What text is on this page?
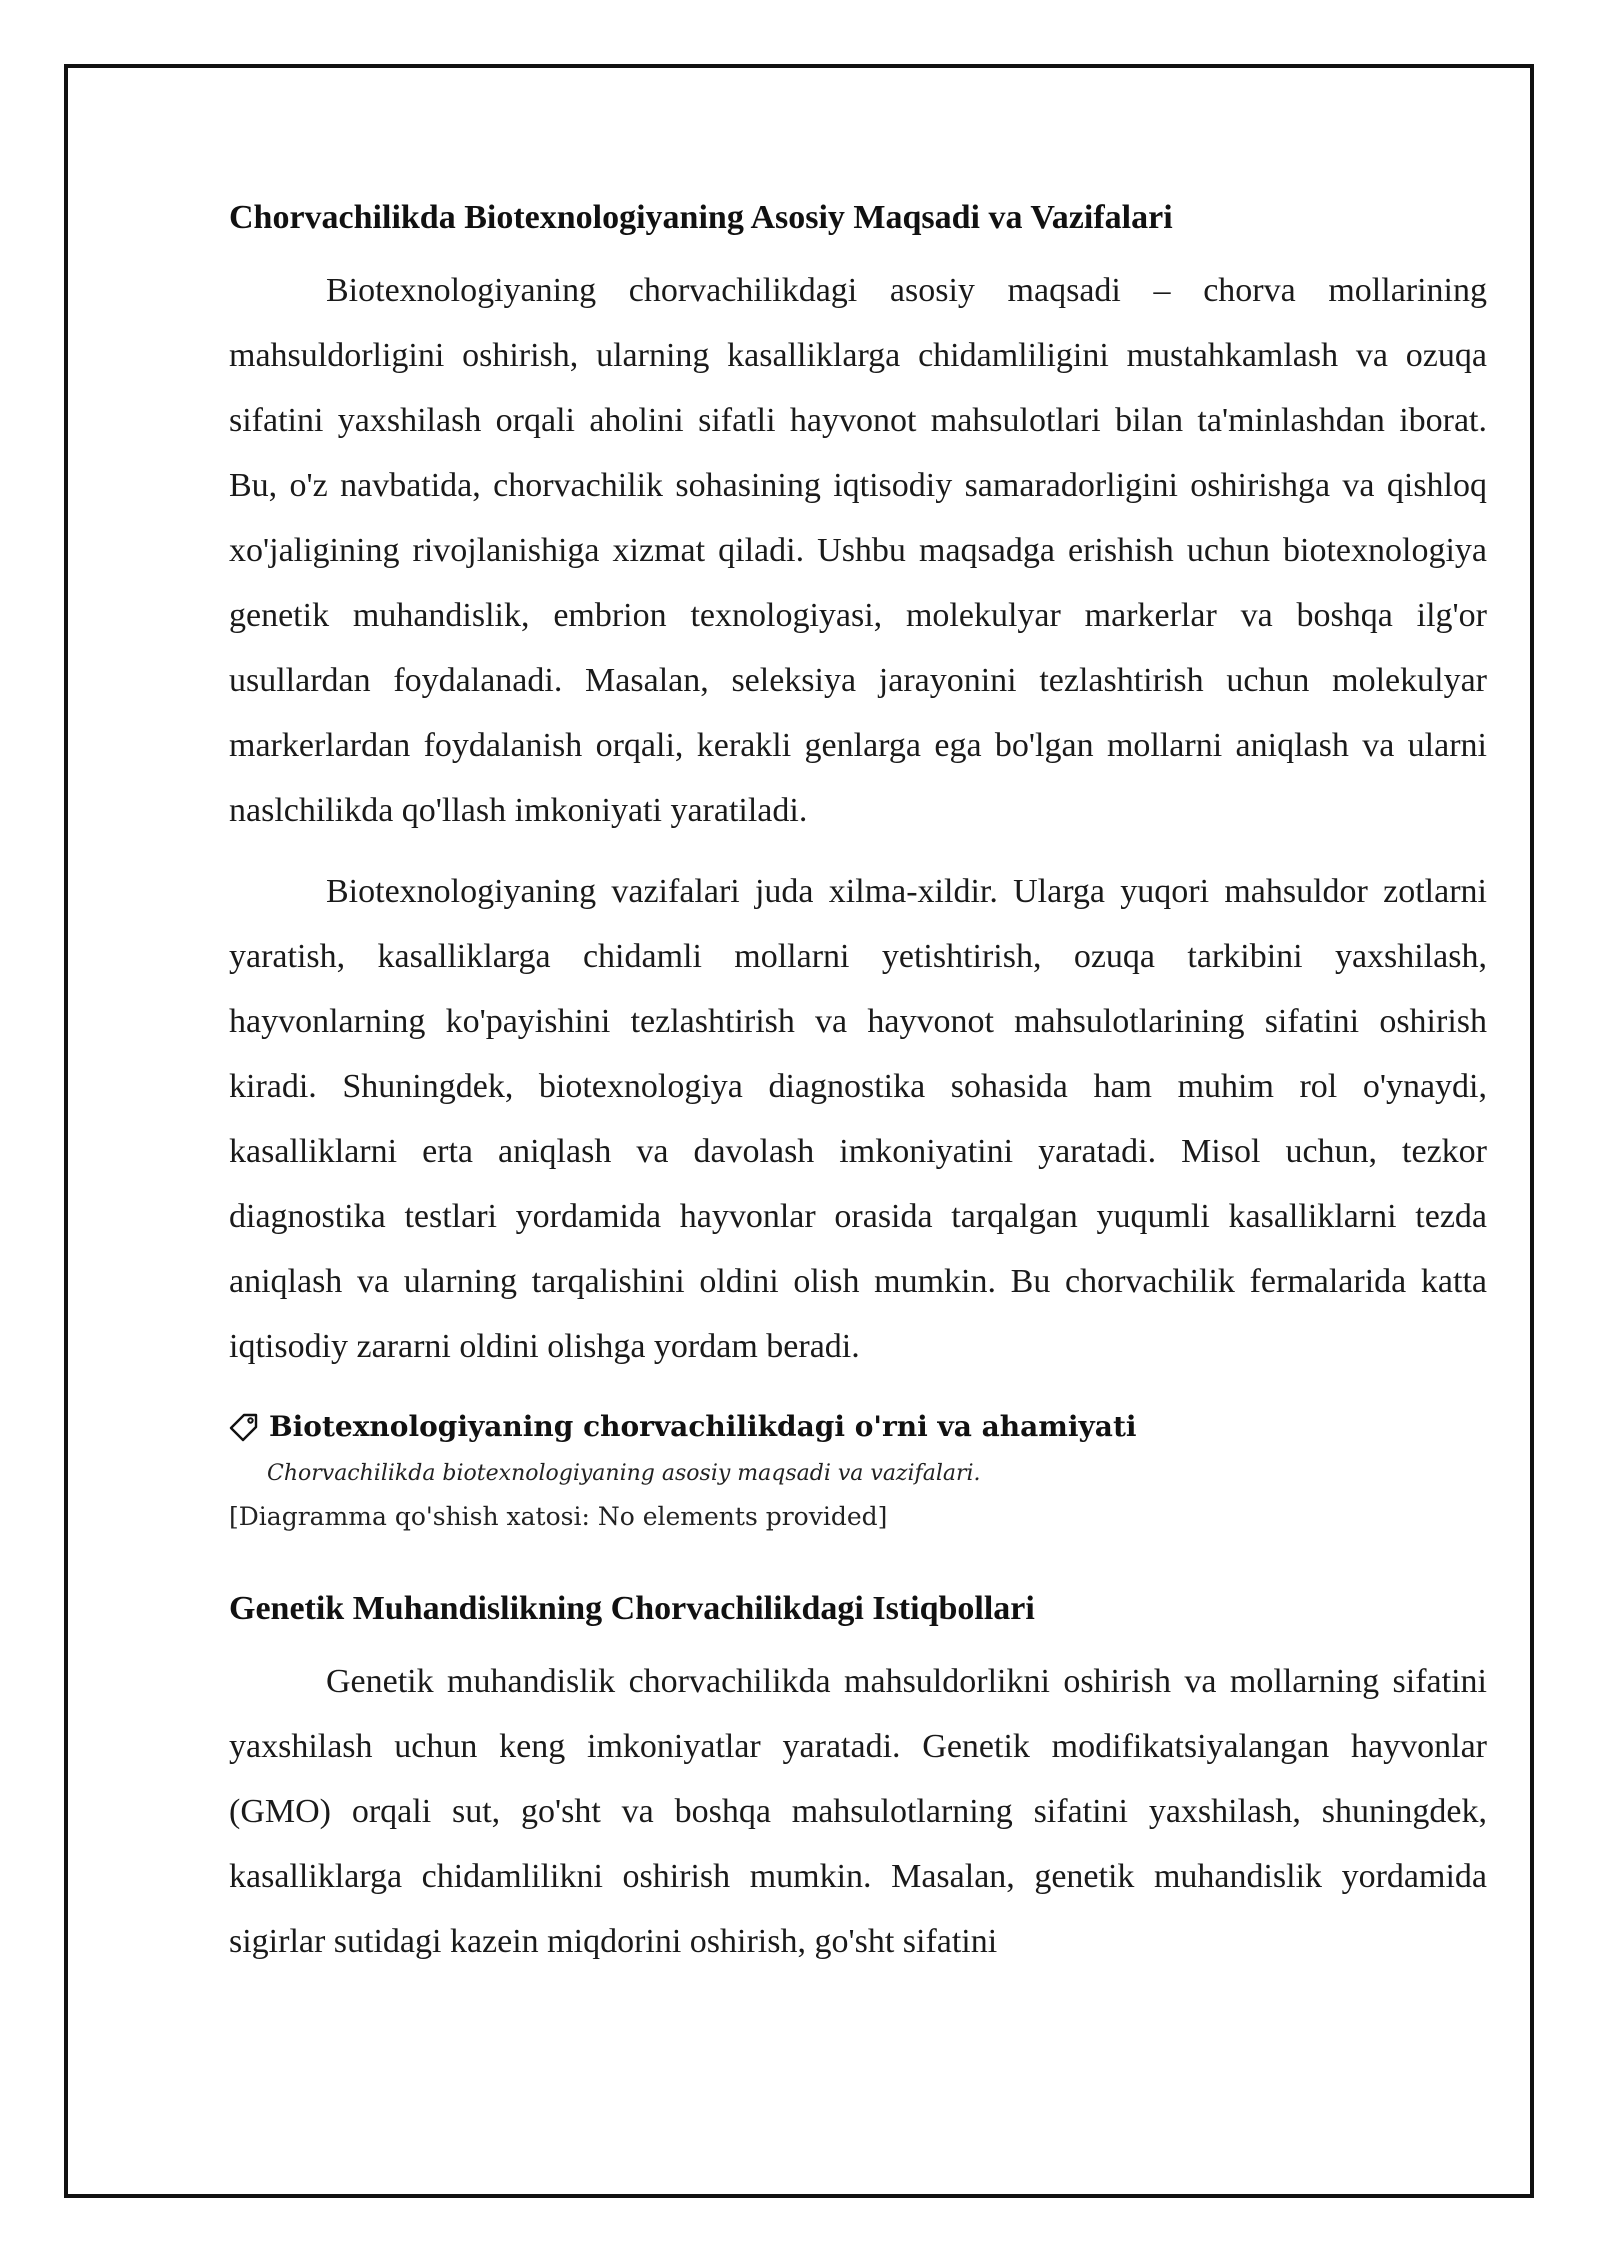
Chorvachilikda Biotexnologiyaning Asosiy Maqsadi va Vazifalari

Biotexnologiyaning chorvachilikdagi asosiy maqsadi – chorva mollarining mahsuldorligini oshirish, ularning kasalliklarga chidamliligini mustahkamlash va ozuqa sifatini yaxshilash orqali aholini sifatli hayvonot mahsulotlari bilan ta'minlashdan iborat. Bu, o'z navbatida, chorvachilik sohasining iqtisodiy samaradorligini oshirishga va qishloq xo'jaligining rivojlanishiga xizmat qiladi. Ushbu maqsadga erishish uchun biotexnologiya genetik muhandislik, embrion texnologiyasi, molekulyar markerlar va boshqa ilg'or usullardan foydalanadi. Masalan, seleksiya jarayonini tezlashtirish uchun molekulyar markerlardan foydalanish orqali, kerakli genlarga ega bo'lgan mollarni aniqlash va ularni naslchilikda qo'llash imkoniyati yaratiladi.

Biotexnologiyaning vazifalari juda xilma-xildir. Ularga yuqori mahsuldor zotlarni yaratish, kasalliklarga chidamli mollarni yetishtirish, ozuqa tarkibini yaxshilash, hayvonlarning ko'payishini tezlashtirish va hayvonot mahsulotlarining sifatini oshirish kiradi. Shuningdek, biotexnologiya diagnostika sohasida ham muhim rol o'ynaydi, kasalliklarni erta aniqlash va davolash imkoniyatini yaratadi. Misol uchun, tezkor diagnostika testlari yordamida hayvonlar orasida tarqalgan yuqumli kasalliklarni tezda aniqlash va ularning tarqalishini oldini olish mumkin. Bu chorvachilik fermalarida katta iqtisodiy zararni oldini olishga yordam beradi.

Biotexnologiyaning chorvachilikdagi o'rni va ahamiyati
Chorvachilikda biotexnologiyaning asosiy maqsadi va vazifalari.
[Diagramma qo'shish xatosi: No elements provided]
Genetik Muhandislikning Chorvachilikdagi Istiqbollari

Genetik muhandislik chorvachilikda mahsuldorlikni oshirish va mollarning sifatini yaxshilash uchun keng imkoniyatlar yaratadi. Genetik modifikatsiyalangan hayvonlar (GMO) orqali sut, go'sht va boshqa mahsulotlarning sifatini yaxshilash, shuningdek, kasalliklarga chidamlilikni oshirish mumkin. Masalan, genetik muhandislik yordamida sigirlar sutidagi kazein miqdorini oshirish, go'sht sifatini
